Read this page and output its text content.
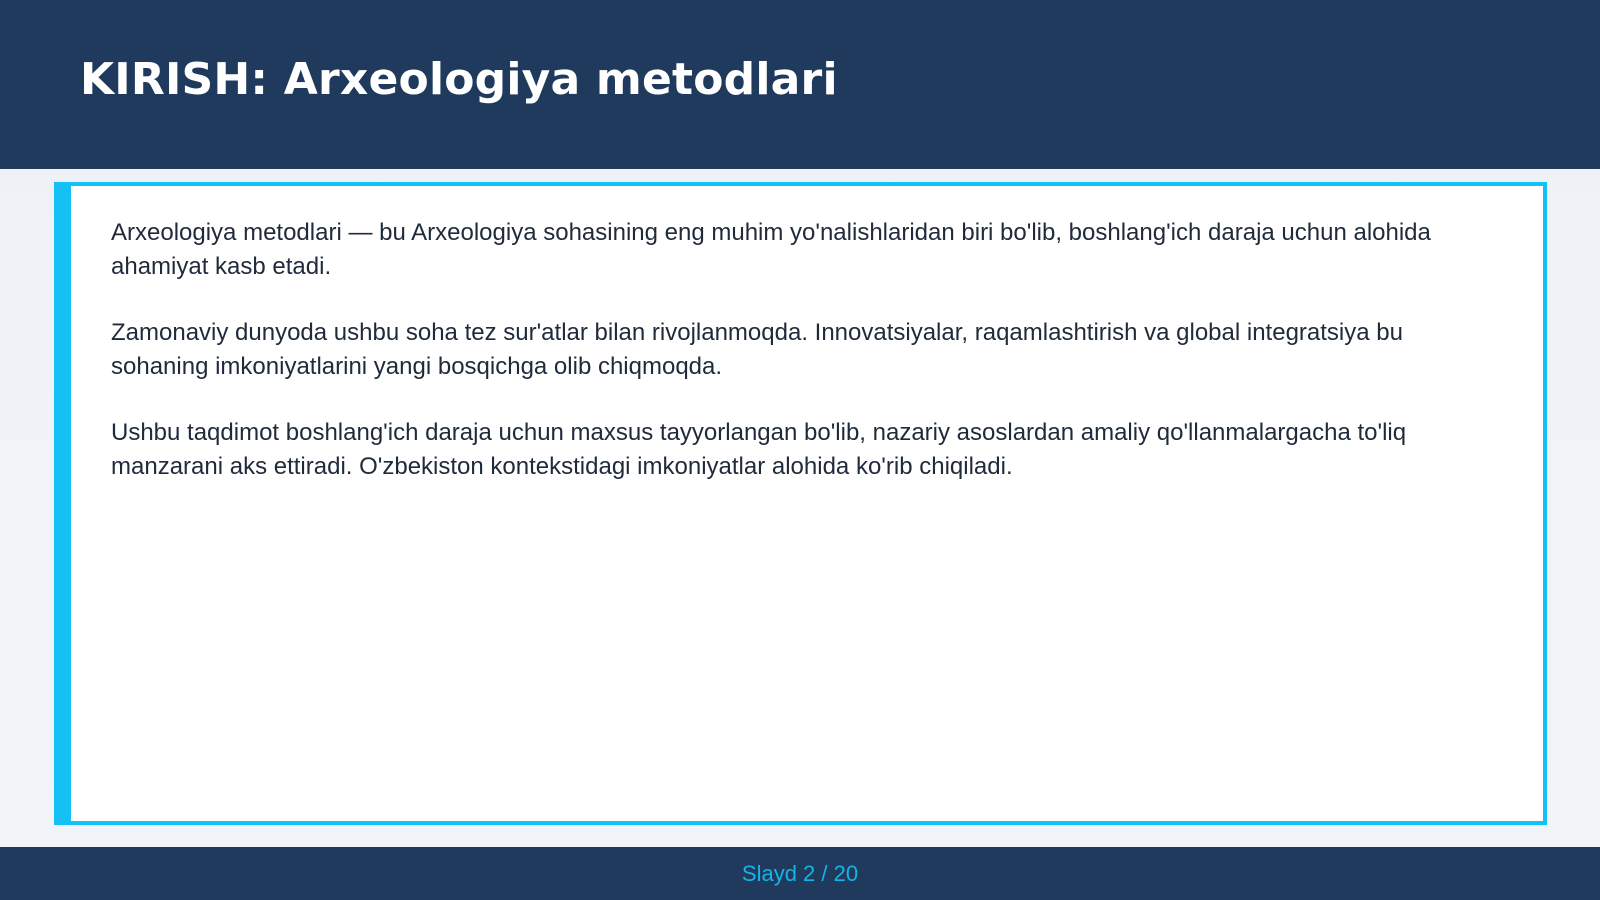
KIRISH: Arxeologiya metodlari

Arxeologiya metodlari — bu Arxeologiya sohasining eng muhim yo'nalishlaridan biri bo'lib, boshlang'ich daraja uchun alohida ahamiyat kasb etadi.

Zamonaviy dunyoda ushbu soha tez sur'atlar bilan rivojlanmoqda. Innovatsiyalar, raqamlashtirish va global integratsiya bu sohaning imkoniyatlarini yangi bosqichga olib chiqmoqda.

Ushbu taqdimot boshlang'ich daraja uchun maxsus tayyorlangan bo'lib, nazariy asoslardan amaliy qo'llanmalargacha to'liq manzarani aks ettiradi. O'zbekiston kontekstidagi imkoniyatlar alohida ko'rib chiqiladi.

Slayd 2 / 20
